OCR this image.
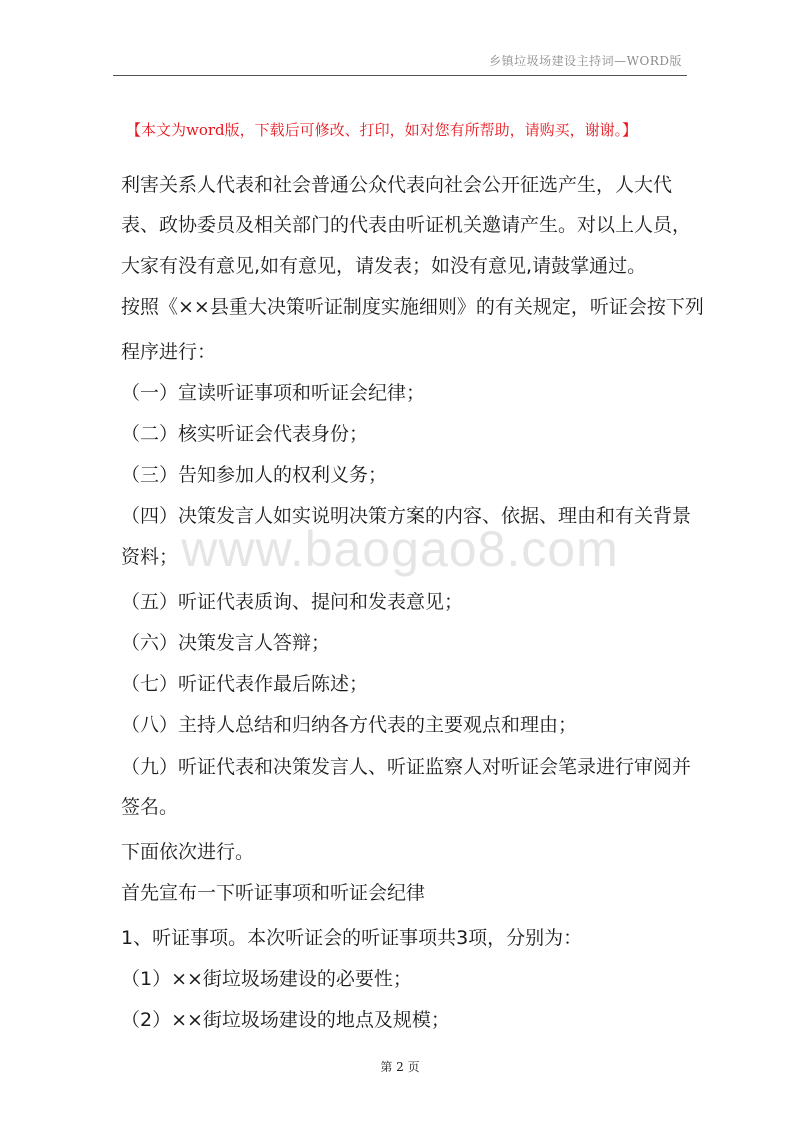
乡镇垃圾场建设主持词—WORD版
【本文为word版，下载后可修改、打印，如对您有所帮助，请购买，谢谢。】
利害关系人代表和社会普通公众代表向社会公开征选产生，人大代
表、政协委员及相关部门的代表由听证机关邀请产生。对以上人员，
大家有没有意见,如有意见，请发表；如没有意见,请鼓掌通过。
按照《××县重大决策听证制度实施细则》的有关规定，听证会按下列
程序进行：
（一）宣读听证事项和听证会纪律；
（二）核实听证会代表身份；
（三）告知参加人的权利义务；
（四）决策发言人如实说明决策方案的内容、依据、理由和有关背景
资料；
（五）听证代表质询、提问和发表意见；
（六）决策发言人答辩；
（七）听证代表作最后陈述；
（八）主持人总结和归纳各方代表的主要观点和理由；
（九）听证代表和决策发言人、听证监察人对听证会笔录进行审阅并
签名。
下面依次进行。
首先宣布一下听证事项和听证会纪律
1、听证事项。本次听证会的听证事项共3项，分别为：
（1）××街垃圾场建设的必要性；
（2）××街垃圾场建设的地点及规模；
www.baogao8.com
第 2 页
